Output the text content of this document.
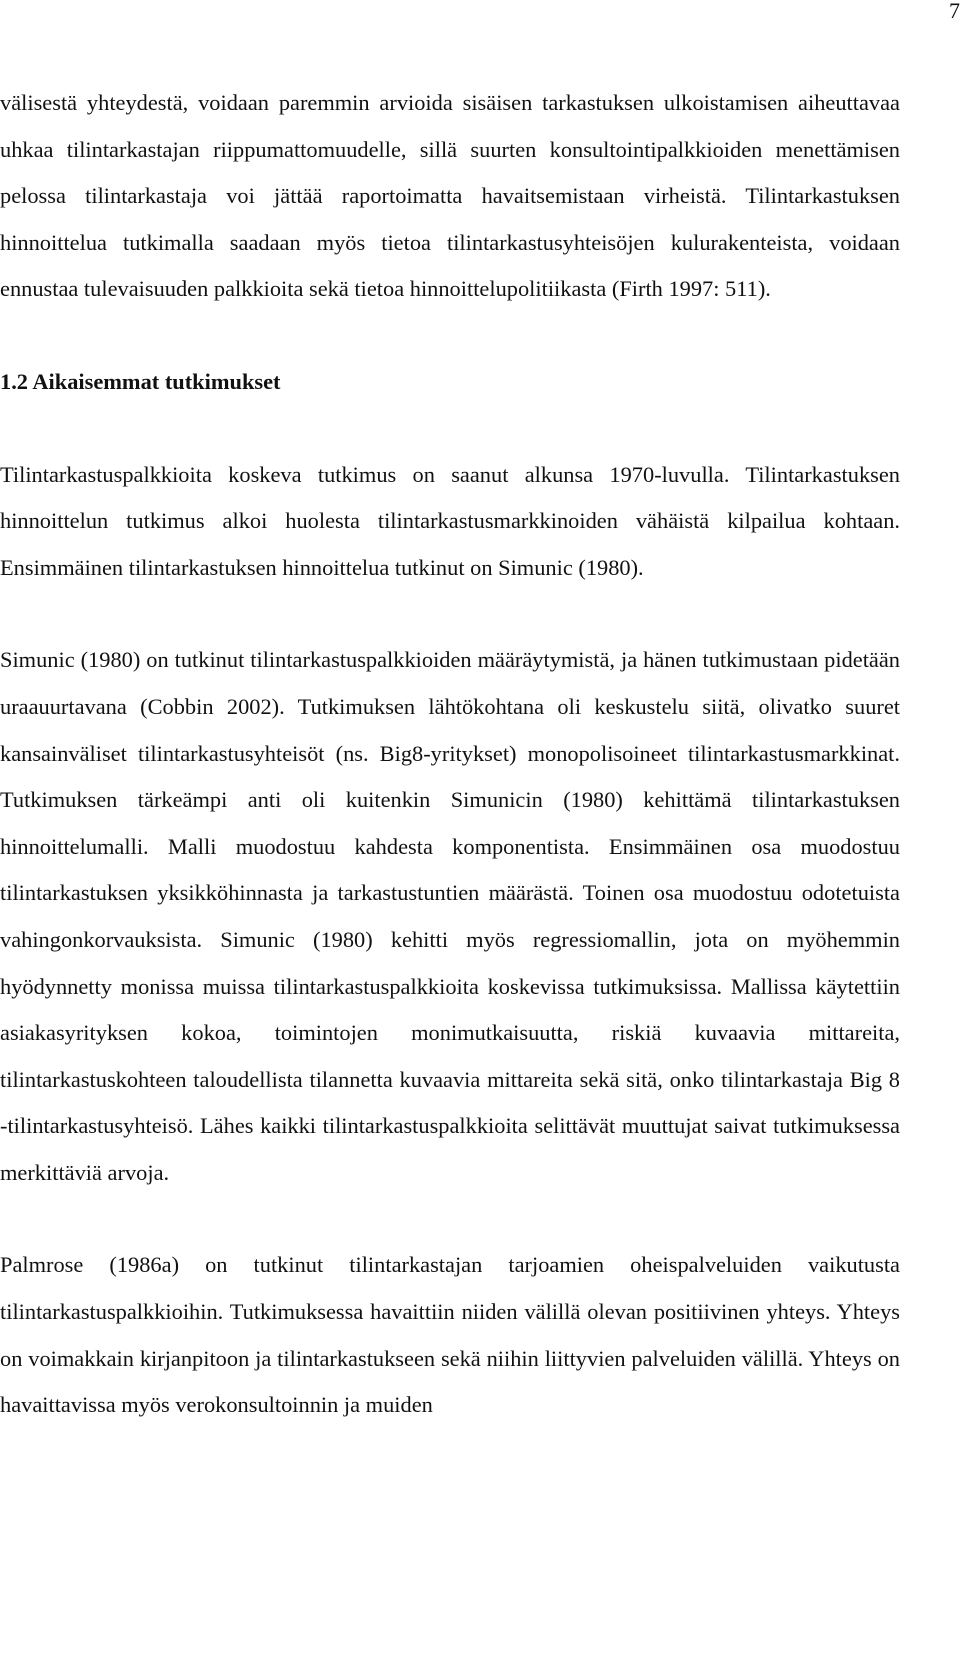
7

välisestä yhteydestä, voidaan paremmin arvioida sisäisen tarkastuksen ulkoistamisen aiheuttavaa uhkaa tilintarkastajan riippumattomuudelle, sillä suurten konsultointipalkkioiden menettämisen pelossa tilintarkastaja voi jättää raportoimatta havaitsemistaan virheistä. Tilintarkastuksen hinnoittelua tutkimalla saadaan myös tietoa tilintarkastusyhteisöjen kulurakenteista, voidaan ennustaa tulevaisuuden palkkioita sekä tietoa hinnoittelupolitiikasta (Firth 1997: 511).

1.2 Aikaisemmat tutkimukset

Tilintarkastuspalkkioita koskeva tutkimus on saanut alkunsa 1970-luvulla. Tilintarkastuksen hinnoittelun tutkimus alkoi huolesta tilintarkastusmarkkinoiden vähäistä kilpailua kohtaan. Ensimmäinen tilintarkastuksen hinnoittelua tutkinut on Simunic (1980).

Simunic (1980) on tutkinut tilintarkastuspalkkioiden määräytymistä, ja hänen tutkimustaan pidetään uraauurtavana (Cobbin 2002). Tutkimuksen lähtökohtana oli keskustelu siitä, olivatko suuret kansainväliset tilintarkastusyhteisöt (ns. Big8-yritykset) monopolisoineet tilintarkastusmarkkinat. Tutkimuksen tärkeämpi anti oli kuitenkin Simunicin (1980) kehittämä tilintarkastuksen hinnoittelumalli. Malli muodostuu kahdesta komponentista. Ensimmäinen osa muodostuu tilintarkastuksen yksikköhinnasta ja tarkastustuntien määrästä. Toinen osa muodostuu odotetuista vahingonkorvauksista. Simunic (1980) kehitti myös regressiomallin, jota on myöhemmin hyödynnetty monissa muissa tilintarkastuspalkkioita koskevissa tutkimuksissa. Mallissa käytettiin asiakasyrityksen kokoa, toimintojen monimutkaisuutta, riskiä kuvaavia mittareita, tilintarkastuskohteen taloudellista tilannetta kuvaavia mittareita sekä sitä, onko tilintarkastaja Big 8 -tilintarkastusyhteisö. Lähes kaikki tilintarkastuspalkkioita selittävät muuttujat saivat tutkimuksessa merkittäviä arvoja.

Palmrose (1986a) on tutkinut tilintarkastajan tarjoamien oheispalveluiden vaikutusta tilintarkastuspalkkioihin. Tutkimuksessa havaittiin niiden välillä olevan positiivinen yhteys. Yhteys on voimakkain kirjanpitoon ja tilintarkastukseen sekä niihin liittyvien palveluiden välillä. Yhteys on havaittavissa myös verokonsultoinnin ja muiden
